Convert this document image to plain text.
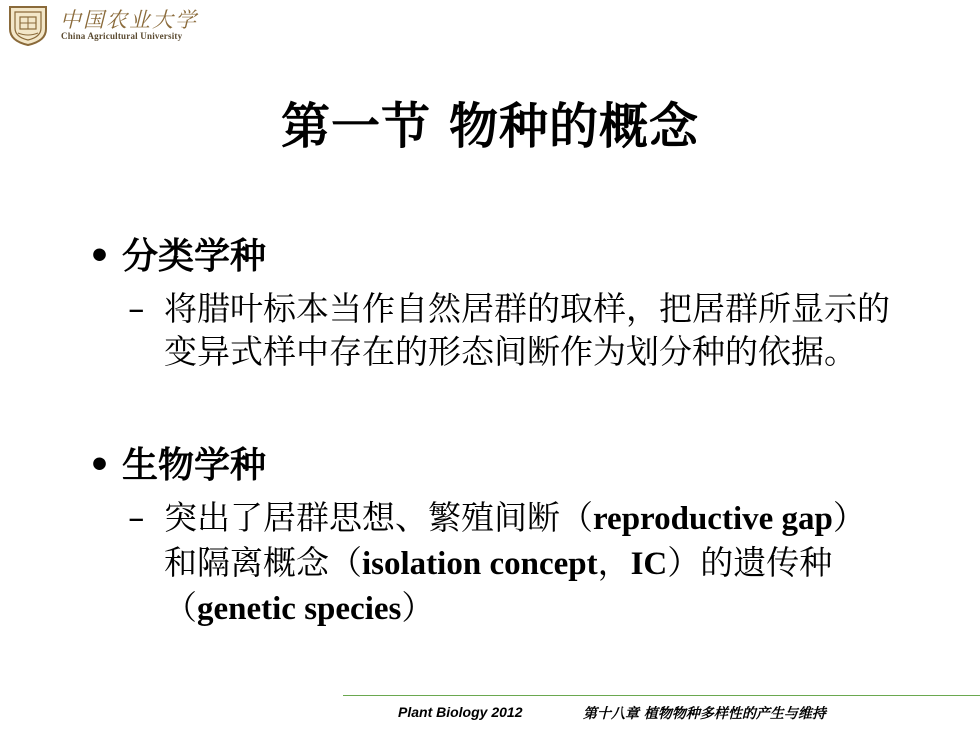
中国农业大学
China Agricultural University
第一节 物种的概念
• 分类学种
– 将腊叶标本当作自然居群的取样，把居群所显示的变异式样中存在的形态间断作为划分种的依据。
• 生物学种
– 突出了居群思想、繁殖间断（reproductive gap）和隔离概念（isolation concept，IC）的遗传种（genetic species）
Plant Biology 2012	第十八章 植物物种多样性的产生与维持
